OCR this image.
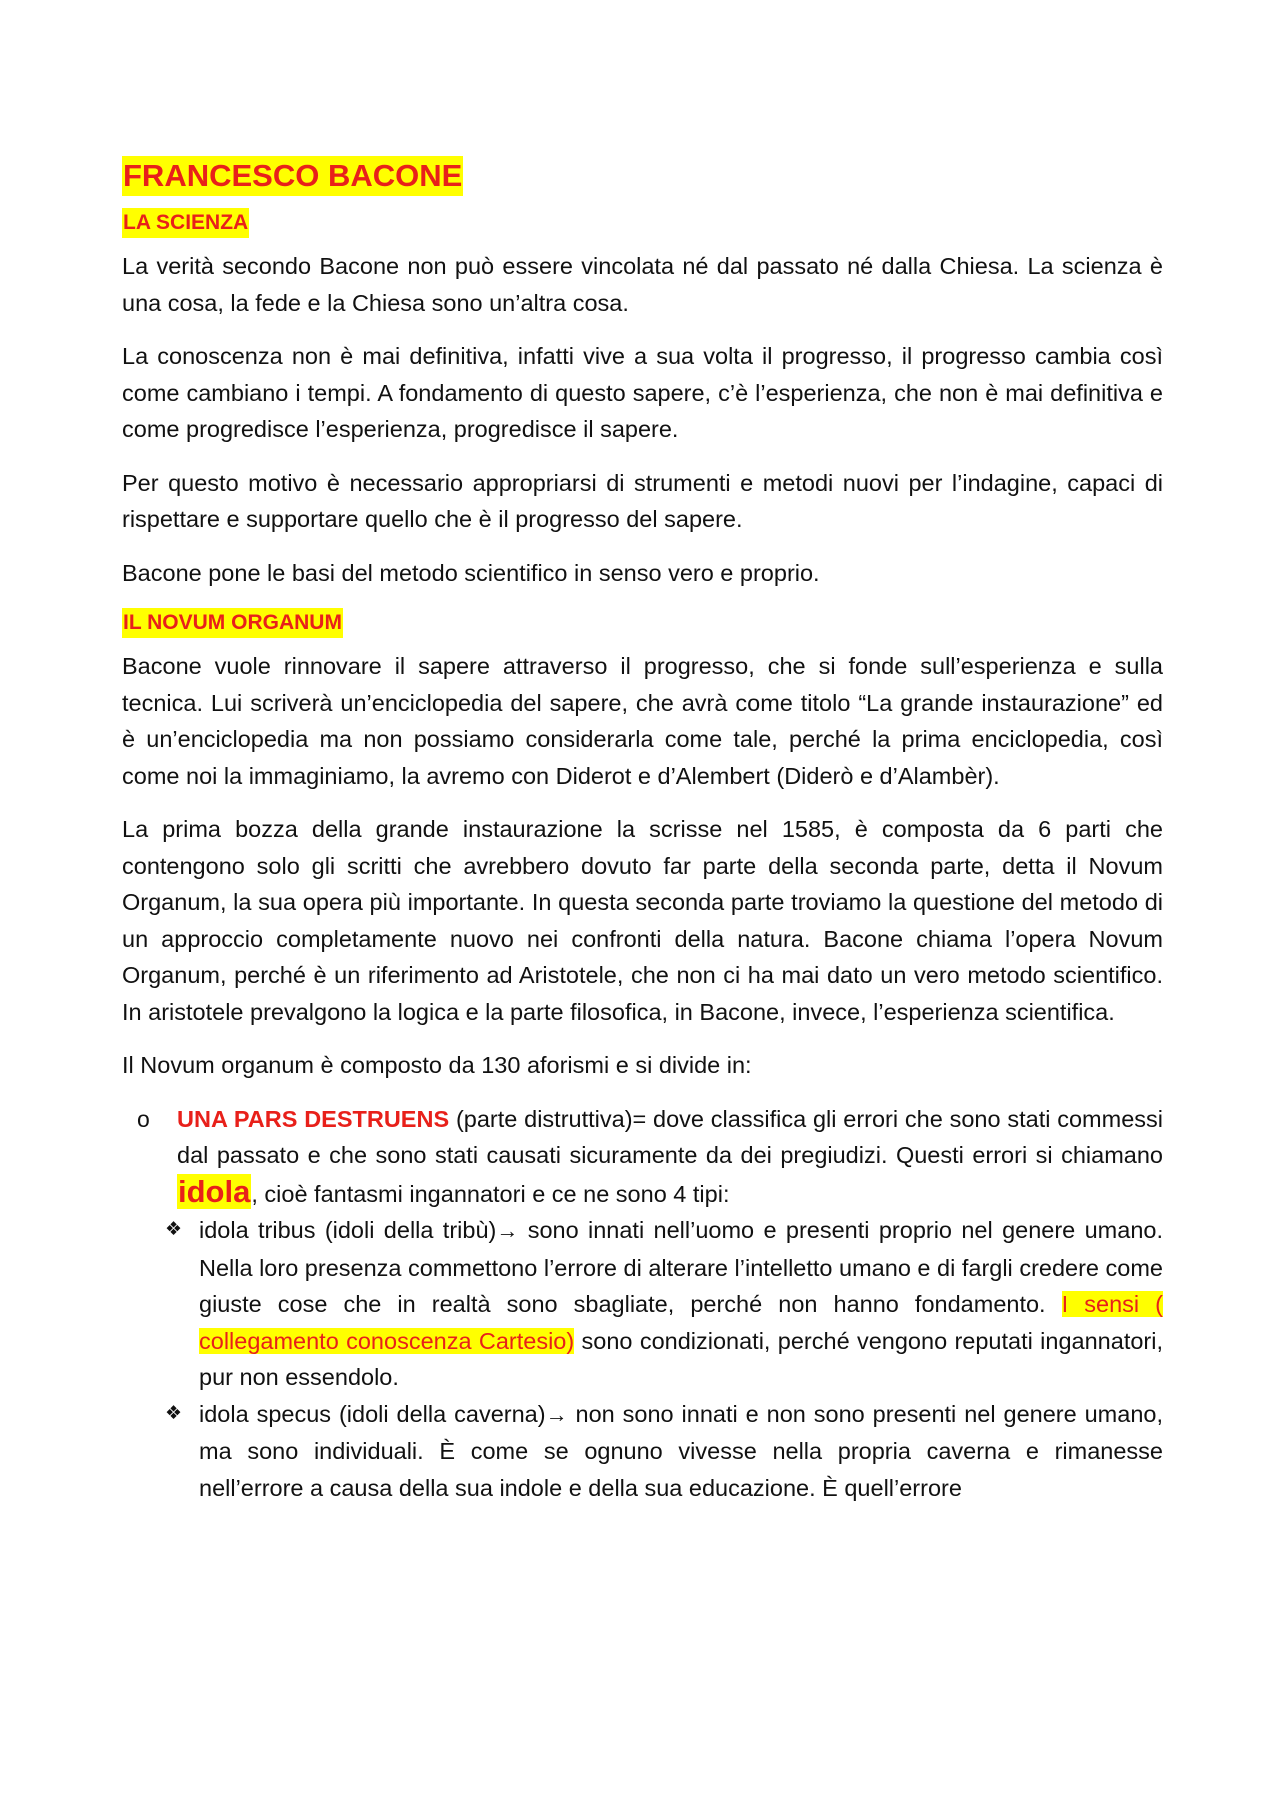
FRANCESCO BACONE
LA SCIENZA

La verità secondo Bacone non può essere vincolata né dal passato né dalla Chiesa. La scienza è una cosa, la fede e la Chiesa sono un’altra cosa.

La conoscenza non è mai definitiva, infatti vive a sua volta il progresso, il progresso cambia così come cambiano i tempi. A fondamento di questo sapere, c’è l’esperienza, che non è mai definitiva e come progredisce l’esperienza, progredisce il sapere.

Per questo motivo è necessario appropriarsi di strumenti e metodi nuovi per l’indagine, capaci di rispettare e supportare quello che è il progresso del sapere.

Bacone pone le basi del metodo scientifico in senso vero e proprio.

IL NOVUM ORGANUM

Bacone vuole rinnovare il sapere attraverso il progresso, che si fonde sull’esperienza e sulla tecnica. Lui scriverà un’enciclopedia del sapere, che avrà come titolo “La grande instaurazione” ed è un’enciclopedia ma non possiamo considerarla come tale, perché la prima enciclopedia, così come noi la immaginiamo, la avremo con Diderot e d’Alembert (Diderò e d’Alambèr).

La prima bozza della grande instaurazione la scrisse nel 1585, è composta da 6 parti che contengono solo gli scritti che avrebbero dovuto far parte della seconda parte, detta il Novum Organum, la sua opera più importante. In questa seconda parte troviamo la questione del metodo di un approccio completamente nuovo nei confronti della natura. Bacone chiama l’opera Novum Organum, perché è un riferimento ad Aristotele, che non ci ha mai dato un vero metodo scientifico. In aristotele prevalgono la logica e la parte filosofica, in Bacone, invece, l’esperienza scientifica.

Il Novum organum è composto da 130 aforismi e si divide in:

o UNA PARS DESTRUENS (parte distruttiva)= dove classifica gli errori che sono stati commessi dal passato e che sono stati causati sicuramente da dei pregiudizi. Questi errori si chiamano idola, cioè fantasmi ingannatori e ce ne sono 4 tipi:
❖ idola tribus (idoli della tribù)→ sono innati nell’uomo e presenti proprio nel genere umano. Nella loro presenza commettono l’errore di alterare l’intelletto umano e di fargli credere come giuste cose che in realtà sono sbagliate, perché non hanno fondamento. I sensi ( collegamento conoscenza Cartesio) sono condizionati, perché vengono reputati ingannatori, pur non essendolo.
❖ idola specus (idoli della caverna)→ non sono innati e non sono presenti nel genere umano, ma sono individuali. È come se ognuno vivesse nella propria caverna e rimanesse nell’errore a causa della sua indole e della sua educazione. È quell’errore
